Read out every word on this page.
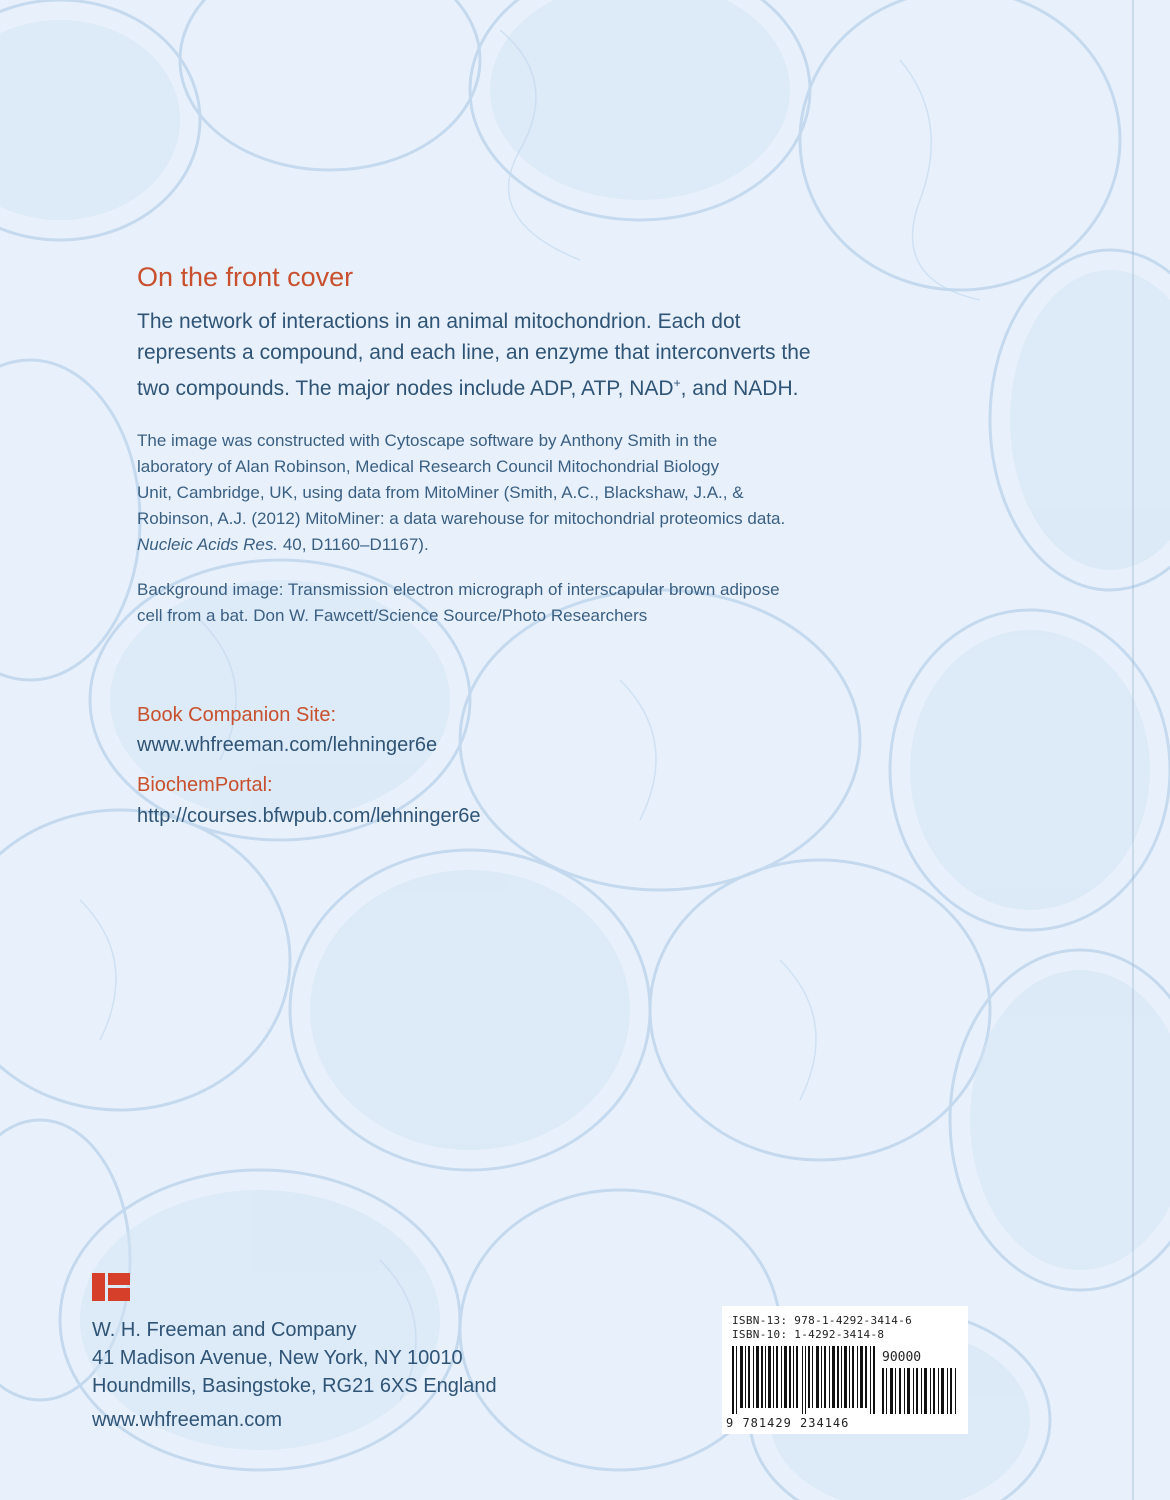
On the front cover
The network of interactions in an animal mitochondrion. Each dot
represents a compound, and each line, an enzyme that interconverts the
two compounds. The major nodes include ADP, ATP, NAD+, and NADH.
The image was constructed with Cytoscape software by Anthony Smith in the
laboratory of Alan Robinson, Medical Research Council Mitochondrial Biology
Unit, Cambridge, UK, using data from MitoMiner (Smith, A.C., Blackshaw, J.A., &
Robinson, A.J. (2012) MitoMiner: a data warehouse for mitochondrial proteomics data.
Nucleic Acids Res. 40, D1160–D1167).
Background image: Transmission electron micrograph of interscapular brown adipose
cell from a bat. Don W. Fawcett/Science Source/Photo Researchers
Book Companion Site:
www.whfreeman.com/lehninger6e
BiochemPortal:
http://courses.bfwpub.com/lehninger6e
W. H. Freeman and Company
41 Madison Avenue, New York, NY 10010
Houndmills, Basingstoke, RG21 6XS England
www.whfreeman.com
ISBN-13: 978-1-4292-3414-6
ISBN-10: 1-4292-3414-8
90000
9 781429 234146
